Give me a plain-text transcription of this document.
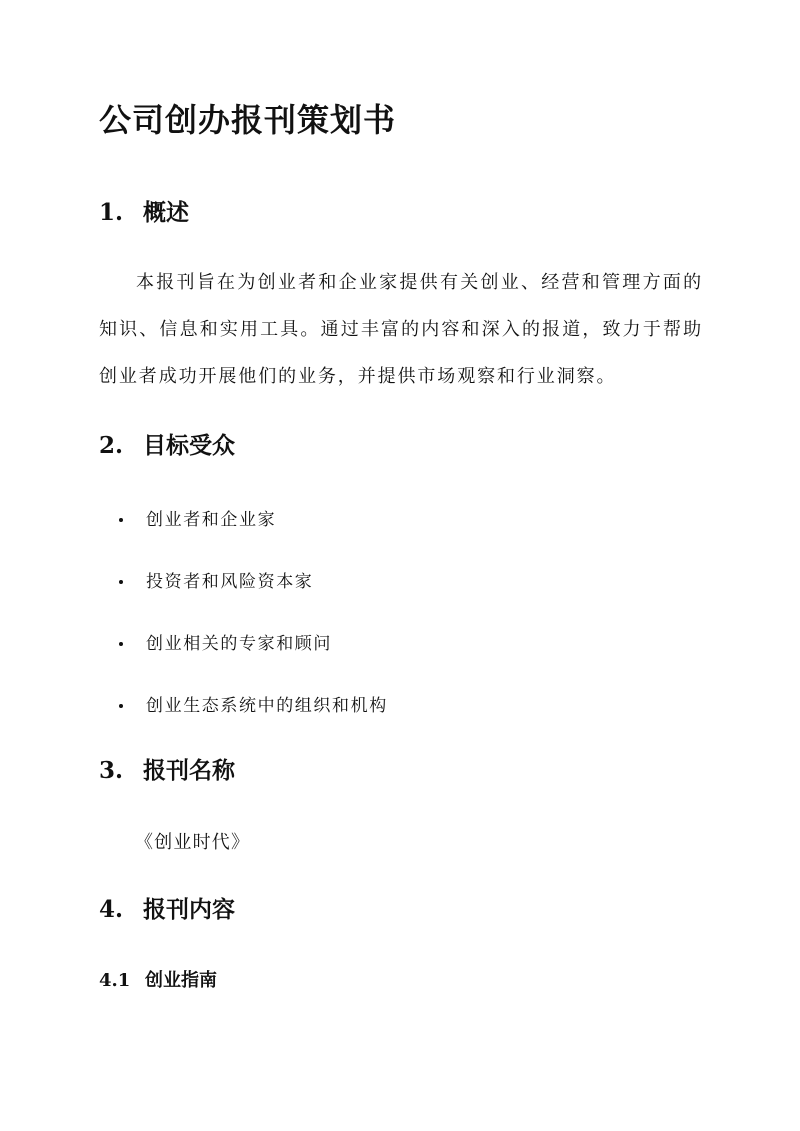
公司创办报刊策划书
1. 概述

本报刊旨在为创业者和企业家提供有关创业、经营和管理方面的知识、信息和实用工具。通过丰富的内容和深入的报道，致力于帮助创业者成功开展他们的业务，并提供市场观察和行业洞察。

2. 目标受众
创业者和企业家
投资者和风险资本家
创业相关的专家和顾问
创业生态系统中的组织和机构
3. 报刊名称

《创业时代》

4. 报刊内容
4.1 创业指南
